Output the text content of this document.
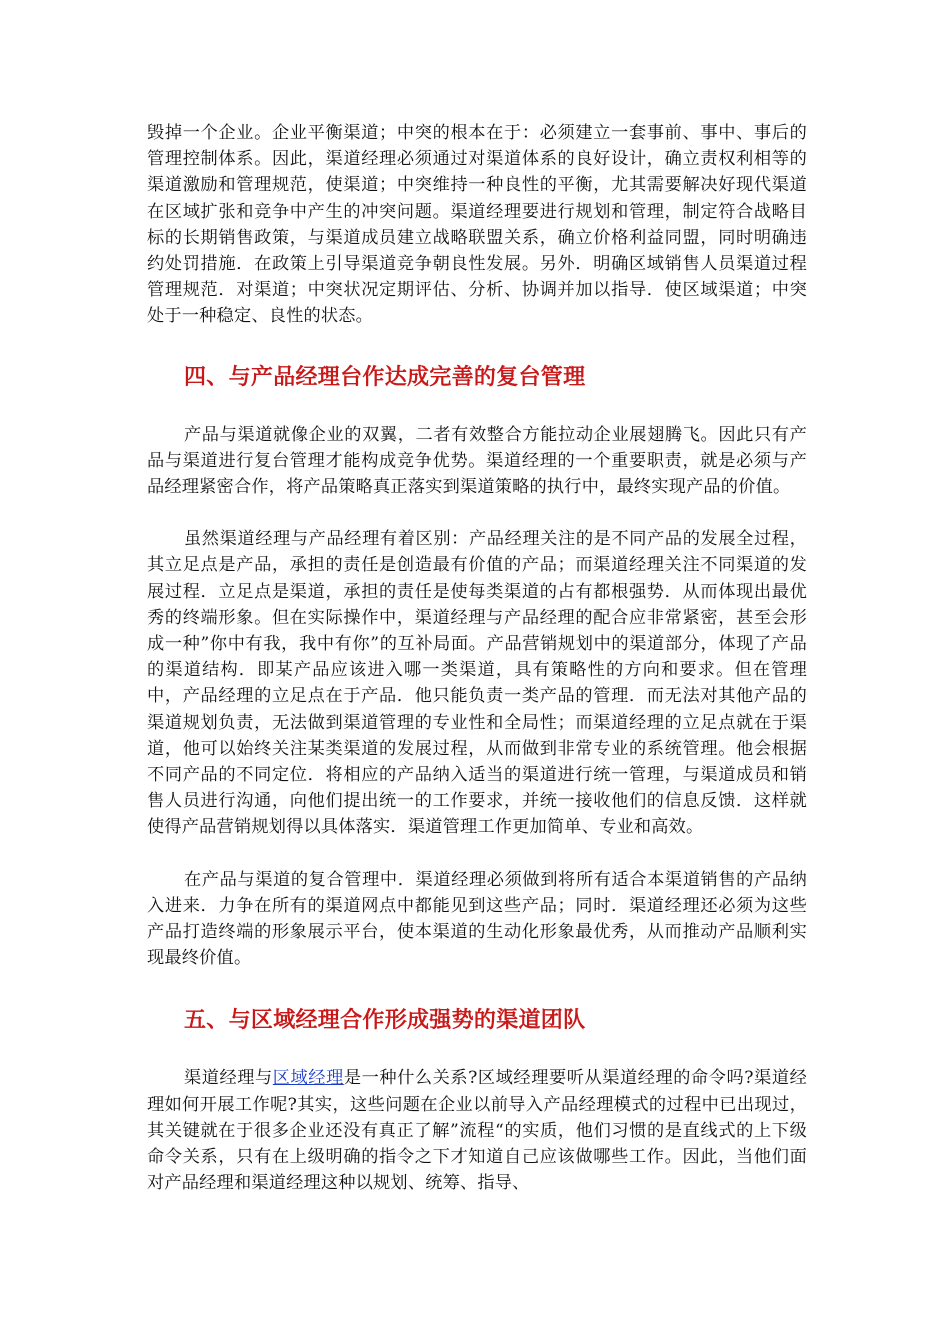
毁掉一个企业。企业平衡渠道；中突的根本在于：必须建立一套事前、事中、事后的管理控制体系。因此，渠道经理必须通过对渠道体系的良好设计，确立责权利相等的渠道激励和管理规范，使渠道；中突维持一种良性的平衡，尤其需要解决好现代渠道在区域扩张和竞争中产生的冲突问题。渠道经理要进行规划和管理，制定符合战略目标的长期销售政策，与渠道成员建立战略联盟关系，确立价格利益同盟，同时明确违约处罚措施．在政策上引导渠道竞争朝良性发展。另外．明确区域销售人员渠道过程管理规范．对渠道；中突状况定期评估、分析、协调并加以指导．使区域渠道；中突处于一种稳定、良性的状态。

四、与产品经理台作达成完善的复台管理

产品与渠道就像企业的双翼，二者有效整合方能拉动企业展翅腾飞。因此只有产品与渠道进行复台管理才能构成竞争优势。渠道经理的一个重要职责，就是必须与产品经理紧密合作，将产品策略真正落实到渠道策略的执行中，最终实现产品的价值。

虽然渠道经理与产品经理有着区别：产品经理关注的是不同产品的发展全过程，其立足点是产品，承担的责任是创造最有价值的产品；而渠道经理关注不同渠道的发展过程．立足点是渠道，承担的责任是使每类渠道的占有都根强势．从而体现出最优秀的终端形象。但在实际操作中，渠道经理与产品经理的配合应非常紧密，甚至会形成一种”你中有我，我中有你”的互补局面。产品营销规划中的渠道部分，体现了产品的渠道结构．即某产品应该进入哪一类渠道，具有策略性的方向和要求。但在管理中，产品经理的立足点在于产品．他只能负责一类产品的管理．而无法对其他产品的渠道规划负责，无法做到渠道管理的专业性和全局性；而渠道经理的立足点就在于渠道，他可以始终关注某类渠道的发展过程，从而做到非常专业的系统管理。他会根据不同产品的不同定位．将相应的产品纳入适当的渠道进行统一管理，与渠道成员和销售人员进行沟通，向他们提出统一的工作要求，并统一接收他们的信息反馈．这样就使得产品营销规划得以具体落实．渠道管理工作更加简单、专业和高效。

在产品与渠道的复合管理中．渠道经理必须做到将所有适合本渠道销售的产品纳入进来．力争在所有的渠道网点中都能见到这些产品；同时．渠道经理还必须为这些产品打造终端的形象展示平台，使本渠道的生动化形象最优秀，从而推动产品顺利实现最终价值。

五、与区域经理合作形成强势的渠道团队

渠道经理与区域经理是一种什么关系?区域经理要听从渠道经理的命令吗?渠道经理如何开展工作呢?其实，这些问题在企业以前导入产品经理模式的过程中已出现过，其关键就在于很多企业还没有真正了解”流程“的实质，他们习惯的是直线式的上下级命令关系，只有在上级明确的指令之下才知道自己应该做哪些工作。因此，当他们面对产品经理和渠道经理这种以规划、统筹、指导、
